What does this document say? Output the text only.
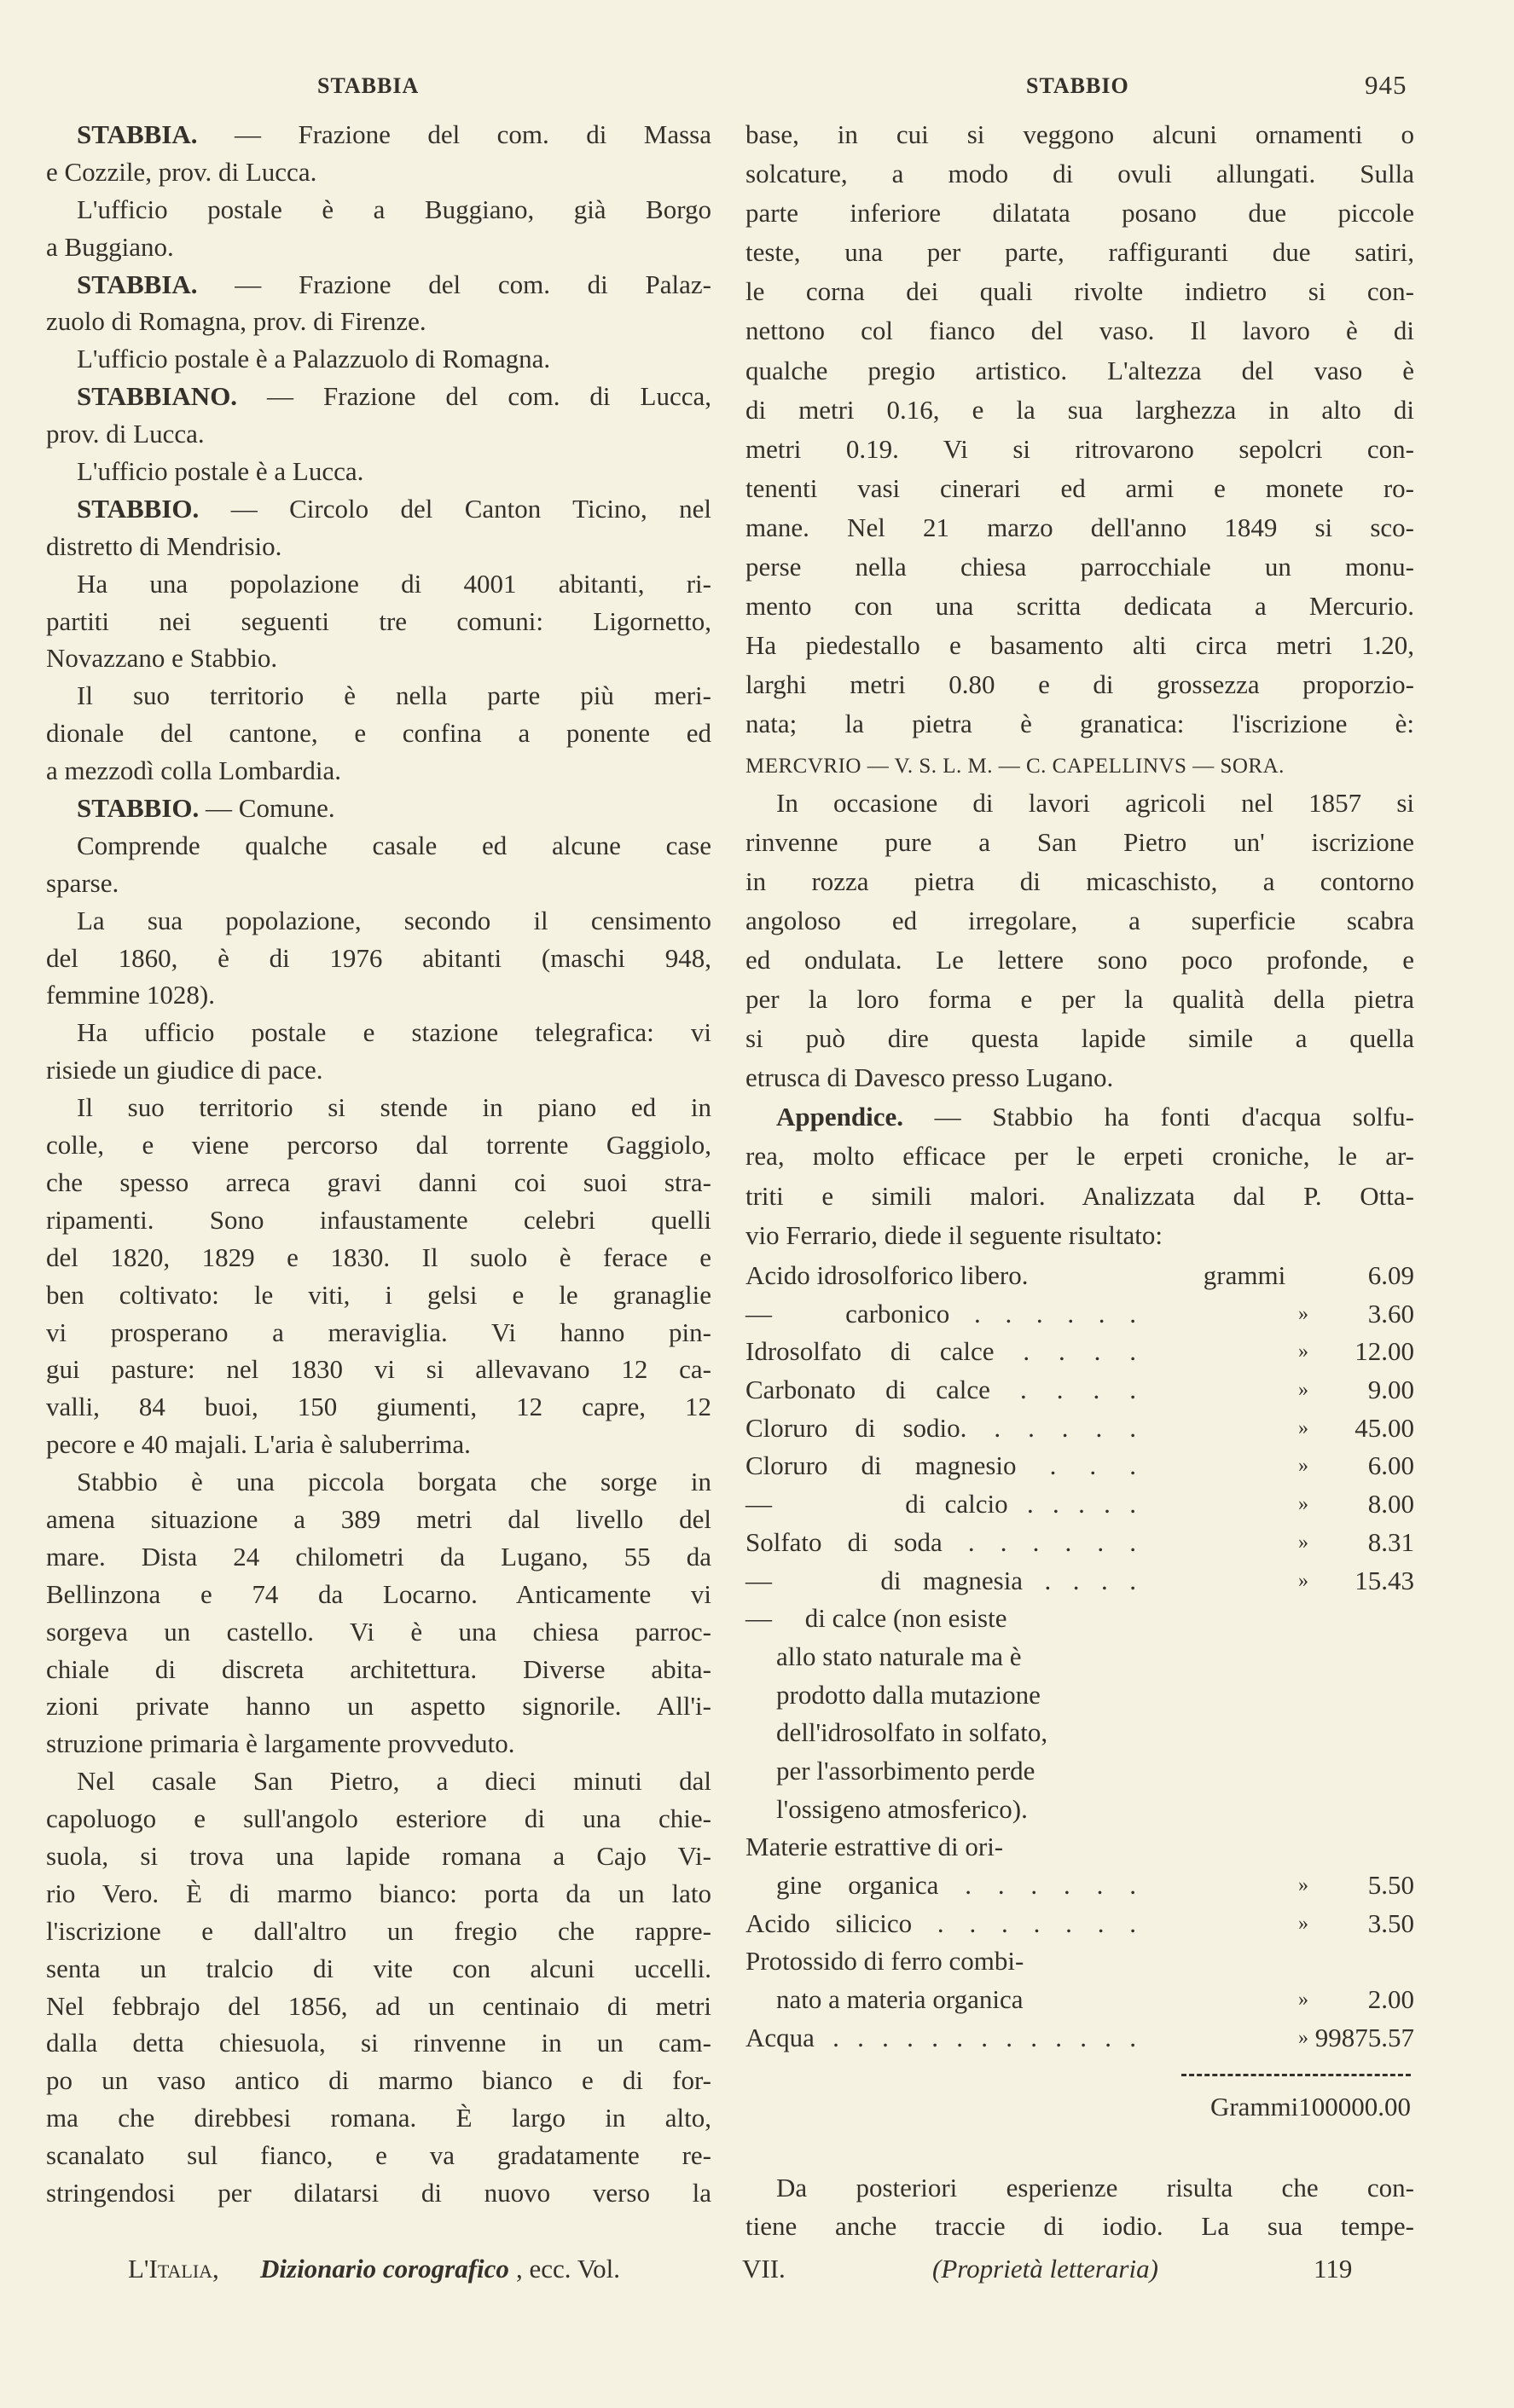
STABBIA	STABBIO	945
STABBIA. — Frazione del com. di Massa
e Cozzile, prov. di Lucca.
L'ufficio postale è a Buggiano, già Borgo
a Buggiano.
STABBIA. — Frazione del com. di Palaz-
zuolo di Romagna, prov. di Firenze.
L'ufficio postale è a Palazzuolo di Romagna.
STABBIANO. — Frazione del com. di Lucca,
prov. di Lucca.
L'ufficio postale è a Lucca.
STABBIO. — Circolo del Canton Ticino, nel
distretto di Mendrisio.
Ha una popolazione di 4001 abitanti, ri-
partiti nei seguenti tre comuni: Ligornetto,
Novazzano e Stabbio.
Il suo territorio è nella parte più meri-
dionale del cantone, e confina a ponente ed
a mezzodì colla Lombardia.
STABBIO. — Comune.
Comprende qualche casale ed alcune case
sparse.
La sua popolazione, secondo il censimento
del 1860, è di 1976 abitanti (maschi 948,
femmine 1028).
Ha ufficio postale e stazione telegrafica: vi
risiede un giudice di pace.
Il suo territorio si stende in piano ed in
colle, e viene percorso dal torrente Gaggiolo,
che spesso arreca gravi danni coi suoi stra-
ripamenti. Sono infaustamente celebri quelli
del 1820, 1829 e 1830. Il suolo è ferace e
ben coltivato: le viti, i gelsi e le granaglie
vi prosperano a meraviglia. Vi hanno pin-
gui pasture: nel 1830 vi si allevavano 12 ca-
valli, 84 buoi, 150 giumenti, 12 capre, 12
pecore e 40 majali. L'aria è saluberrima.
Stabbio è una piccola borgata che sorge in
amena situazione a 389 metri dal livello del
mare. Dista 24 chilometri da Lugano, 55 da
Bellinzona e 74 da Locarno. Anticamente vi
sorgeva un castello. Vi è una chiesa parroc-
chiale di discreta architettura. Diverse abita-
zioni private hanno un aspetto signorile. All'i-
struzione primaria è largamente provveduto.
Nel casale San Pietro, a dieci minuti dal
capoluogo e sull'angolo esteriore di una chie-
suola, si trova una lapide romana a Cajo Vi-
rio Vero. È di marmo bianco: porta da un lato
l'iscrizione e dall'altro un fregio che rappre-
senta un tralcio di vite con alcuni uccelli.
Nel febbrajo del 1856, ad un centinaio di metri
dalla detta chiesuola, si rinvenne in un cam-
po un vaso antico di marmo bianco e di for-
ma che direbbesi romana. È largo in alto,
scanalato sul fianco, e va gradatamente re-
stringendosi per dilatarsi di nuovo verso la
base, in cui si veggono alcuni ornamenti o
solcature, a modo di ovuli allungati. Sulla
parte inferiore dilatata posano due piccole
teste, una per parte, raffiguranti due satiri,
le corna dei quali rivolte indietro si con-
nettono col fianco del vaso. Il lavoro è di
qualche pregio artistico. L'altezza del vaso è
di metri 0.16, e la sua larghezza in alto di
metri 0.19. Vi si ritrovarono sepolcri con-
tenenti vasi cinerari ed armi e monete ro-
mane. Nel 21 marzo dell'anno 1849 si sco-
perse nella chiesa parrocchiale un monu-
mento con una scritta dedicata a Mercurio.
Ha piedestallo e basamento alti circa metri 1.20,
larghi metri 0.80 e di grossezza proporzio-
nata; la pietra è granatica: l'iscrizione è:
MERCVRIO — V. S. L. M. — C. CAPELLINVS — SORA.
In occasione di lavori agricoli nel 1857 si
rinvenne pure a San Pietro un' iscrizione
in rozza pietra di micaschisto, a contorno
angoloso ed irregolare, a superficie scabra
ed ondulata. Le lettere sono poco profonde, e
per la loro forma e per la qualità della pietra
si può dire questa lapide simile a quella
etrusca di Davesco presso Lugano.
Appendice. — Stabbio ha fonti d'acqua solfu-
rea, molto efficace per le erpeti croniche, le ar-
triti e simili malori. Analizzata dal P. Otta-
vio Ferrario, diede il seguente risultato:
Acido idrosolforico libero.	grammi	6.09
—   carbonico . . . . . .	»	3.60
Idrosolfato di calce . . . .	»	12.00
Carbonato di calce . . . .	»	9.00
Cloruro di sodio. . . . . .	»	45.00
Cloruro di magnesio . . .	»	6.00
—       di calcio . . . . .	»	8.00
Solfato di soda . . . . . .	»	8.31
—     di magnesia . . . .	»	15.43
—     di calce (non esiste
allo stato naturale ma è
prodotto dalla mutazione
dell'idrosolfato in solfato,
per l'assorbimento perde
l'ossigeno atmosferico).
Materie estrattive di ori-
gine organica . . . . . .	»	5.50
Acido silicico . . . . . . .	»	3.50
Protossido di ferro combi-
nato a materia organica	»	2.00
Acqua . . . . . . . . . . . . .	» 99875.57
Grammi100000.00
Da posteriori esperienze risulta che con-
tiene anche traccie di iodio. La sua tempe-
L'Italia, Dizionario corografico , ecc. Vol.	VII.	(Proprietà letteraria)	119
